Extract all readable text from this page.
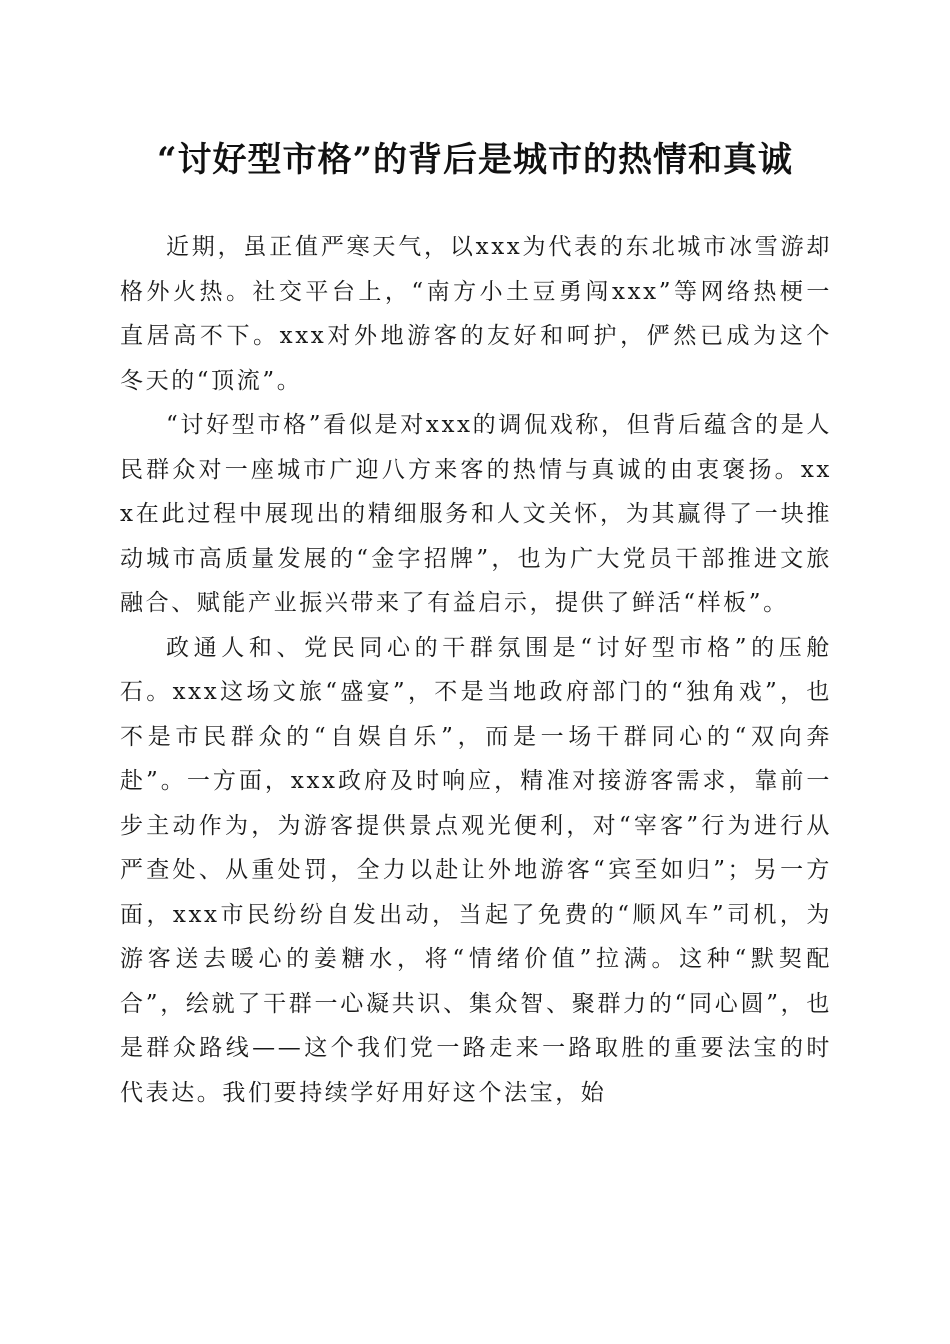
“讨好型市格”的背后是城市的热情和真诚

近期，虽正值严寒天气，以xxx为代表的东北城市冰雪游却格外火热。社交平台上，“南方小土豆勇闯xxx”等网络热梗一直居高不下。xxx对外地游客的友好和呵护，俨然已成为这个冬天的“顶流”。

“讨好型市格”看似是对xxx的调侃戏称，但背后蕴含的是人民群众对一座城市广迎八方来客的热情与真诚的由衷褒扬。xxx在此过程中展现出的精细服务和人文关怀，为其赢得了一块推动城市高质量发展的“金字招牌”，也为广大党员干部推进文旅融合、赋能产业振兴带来了有益启示，提供了鲜活“样板”。

政通人和、党民同心的干群氛围是“讨好型市格”的压舱石。xxx这场文旅“盛宴”，不是当地政府部门的“独角戏”，也不是市民群众的“自娱自乐”，而是一场干群同心的“双向奔赴”。一方面，xxx政府及时响应，精准对接游客需求，靠前一步主动作为，为游客提供景点观光便利，对“宰客”行为进行从严查处、从重处罚，全力以赴让外地游客“宾至如归”；另一方面，xxx市民纷纷自发出动，当起了免费的“顺风车”司机，为游客送去暖心的姜糖水，将“情绪价值”拉满。这种“默契配合”，绘就了干群一心凝共识、集众智、聚群力的“同心圆”，也是群众路线——这个我们党一路走来一路取胜的重要法宝的时代表达。我们要持续学好用好这个法宝，始
